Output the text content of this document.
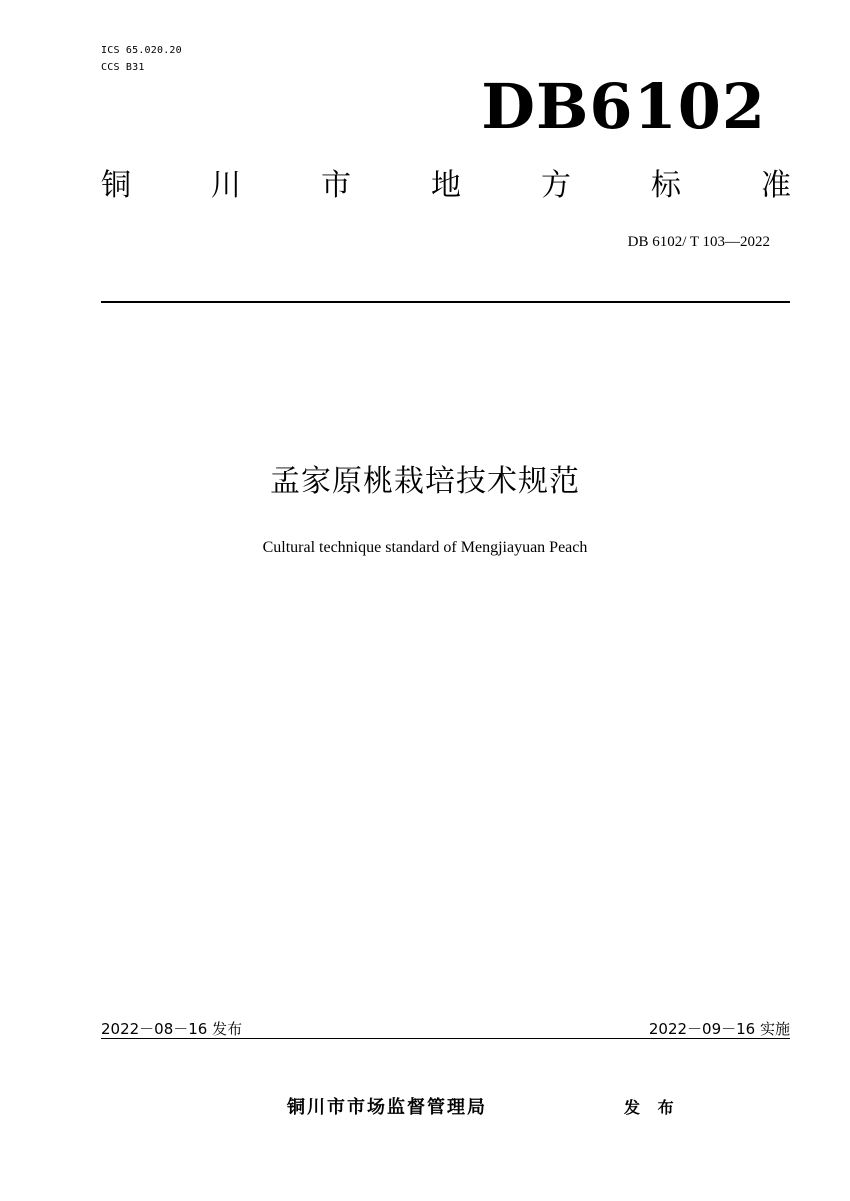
ICS 65.020.20
CCS B31
DB6102
铜	川	市	地	方	标	准
DB 6102/ T 103—2022
孟家原桃栽培技术规范
Cultural technique standard of Mengjiayuan Peach
2022－08－16 发布	2022－09－16 实施
铜川市市场监督管理局	发 布
